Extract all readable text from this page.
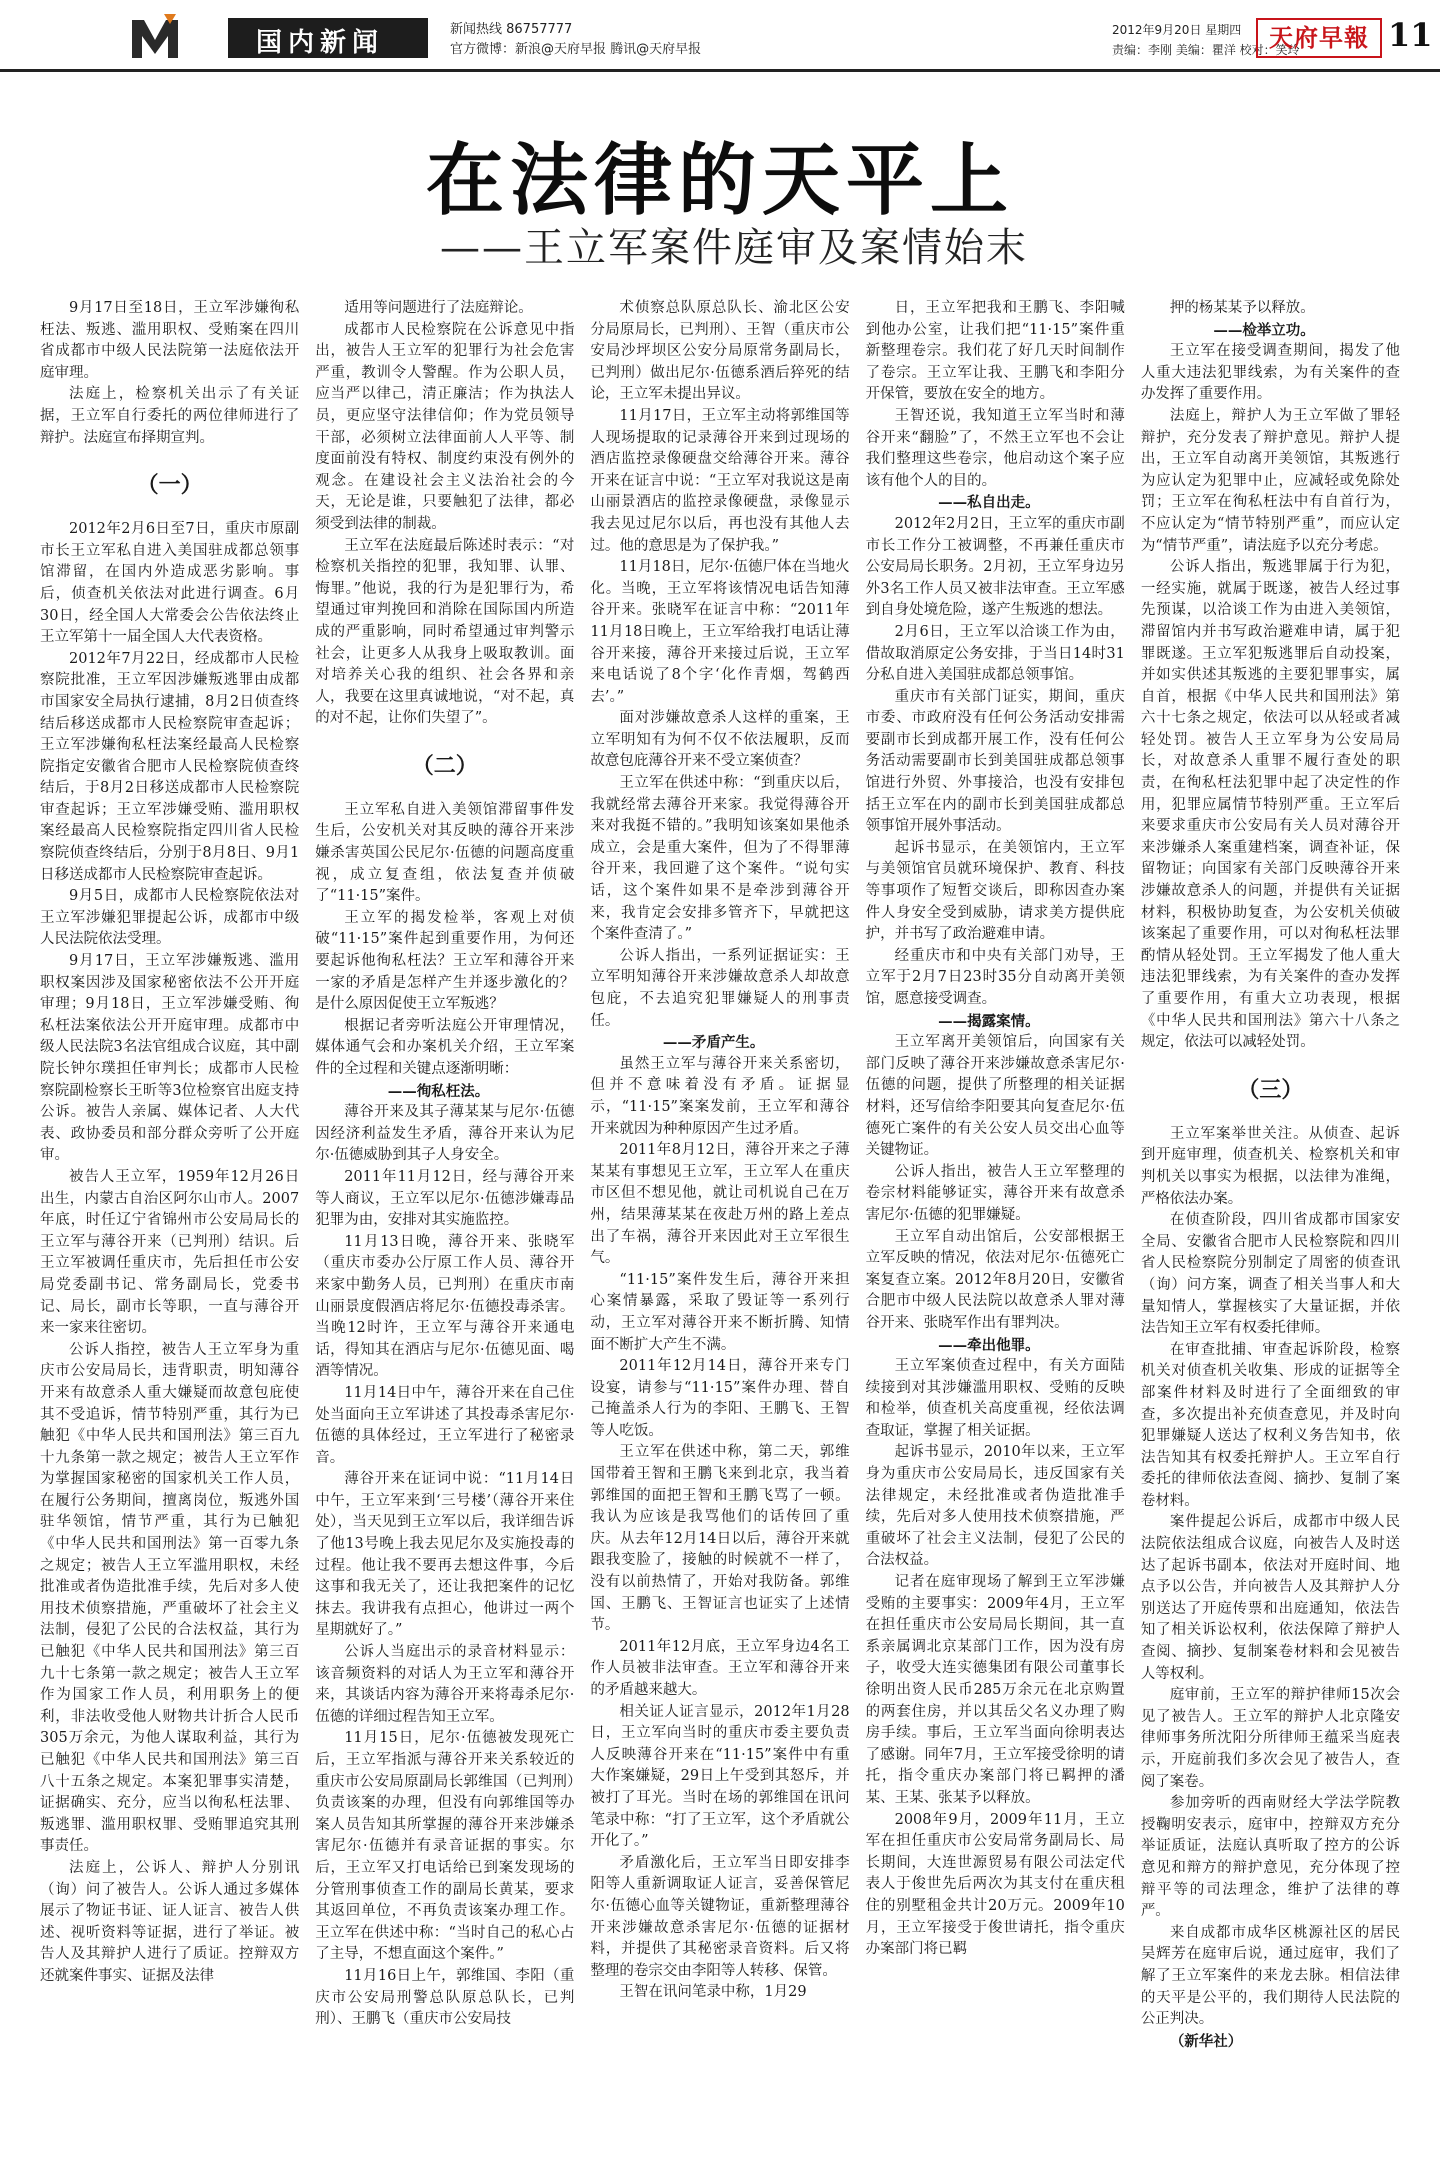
国内新闻	新闻热线 86757777
官方微博：新浪@天府早报 腾讯@天府早报
2012年9月20日 星期四
责编：李刚 美编：瞿洋 校对：笑玲
天府早報 11
在法律的天平上
——王立军案件庭审及案情始末

9月17日至18日，王立军涉嫌徇私枉法、叛逃、滥用职权、受贿案在四川省成都市中级人民法院第一法庭依法开庭审理。

法庭上，检察机关出示了有关证据，王立军自行委托的两位律师进行了辩护。法庭宣布择期宣判。

（一）

2012年2月6日至7日，重庆市原副市长王立军私自进入美国驻成都总领事馆滞留，在国内外造成恶劣影响。事后，侦查机关依法对此进行调查。6月30日，经全国人大常委会公告依法终止王立军第十一届全国人大代表资格。

2012年7月22日，经成都市人民检察院批准，王立军因涉嫌叛逃罪由成都市国家安全局执行逮捕，8月2日侦查终结后移送成都市人民检察院审查起诉；王立军涉嫌徇私枉法案经最高人民检察院指定安徽省合肥市人民检察院侦查终结后，于8月2日移送成都市人民检察院审查起诉；王立军涉嫌受贿、滥用职权案经最高人民检察院指定四川省人民检察院侦查终结后，分别于8月8日、9月1日移送成都市人民检察院审查起诉。

9月5日，成都市人民检察院依法对王立军涉嫌犯罪提起公诉，成都市中级人民法院依法受理。

9月17日，王立军涉嫌叛逃、滥用职权案因涉及国家秘密依法不公开开庭审理；9月18日，王立军涉嫌受贿、徇私枉法案依法公开开庭审理。成都市中级人民法院3名法官组成合议庭，其中副院长钟尔璞担任审判长；成都市人民检察院副检察长王昕等3位检察官出庭支持公诉。被告人亲属、媒体记者、人大代表、政协委员和部分群众旁听了公开庭审。

被告人王立军，1959年12月26日出生，内蒙古自治区阿尔山市人。2007年底，时任辽宁省锦州市公安局局长的王立军与薄谷开来（已判刑）结识。后王立军被调任重庆市，先后担任市公安局党委副书记、常务副局长，党委书记、局长，副市长等职，一直与薄谷开来一家来往密切。

公诉人指控，被告人王立军身为重庆市公安局局长，违背职责，明知薄谷开来有故意杀人重大嫌疑而故意包庇使其不受追诉，情节特别严重，其行为已触犯《中华人民共和国刑法》第三百九十九条第一款之规定；被告人王立军作为掌握国家秘密的国家机关工作人员，在履行公务期间，擅离岗位，叛逃外国驻华领馆，情节严重，其行为已触犯《中华人民共和国刑法》第一百零九条之规定；被告人王立军滥用职权，未经批准或者伪造批准手续，先后对多人使用技术侦察措施，严重破坏了社会主义法制，侵犯了公民的合法权益，其行为已触犯《中华人民共和国刑法》第三百九十七条第一款之规定；被告人王立军作为国家工作人员，利用职务上的便利，非法收受他人财物共计折合人民币305万余元，为他人谋取利益，其行为已触犯《中华人民共和国刑法》第三百八十五条之规定。本案犯罪事实清楚，证据确实、充分，应当以徇私枉法罪、叛逃罪、滥用职权罪、受贿罪追究其刑事责任。

法庭上，公诉人、辩护人分别讯（询）问了被告人。公诉人通过多媒体展示了物证书证、证人证言、被告人供述、视听资料等证据，进行了举证。被告人及其辩护人进行了质证。控辩双方还就案件事实、证据及法律

适用等问题进行了法庭辩论。

成都市人民检察院在公诉意见中指出，被告人王立军的犯罪行为社会危害严重，教训令人警醒。作为公职人员，应当严以律己，清正廉洁；作为执法人员，更应坚守法律信仰；作为党员领导干部，必须树立法律面前人人平等、制度面前没有特权、制度约束没有例外的观念。在建设社会主义法治社会的今天，无论是谁，只要触犯了法律，都必须受到法律的制裁。

王立军在法庭最后陈述时表示：“对检察机关指控的犯罪，我知罪、认罪、悔罪。”他说，我的行为是犯罪行为，希望通过审判挽回和消除在国际国内所造成的严重影响，同时希望通过审判警示社会，让更多人从我身上吸取教训。面对培养关心我的组织、社会各界和亲人，我要在这里真诚地说，“对不起，真的对不起，让你们失望了”。

（二）

王立军私自进入美领馆滞留事件发生后，公安机关对其反映的薄谷开来涉嫌杀害英国公民尼尔·伍德的问题高度重视，成立复查组，依法复查并侦破了“11·15”案件。

王立军的揭发检举，客观上对侦破“11·15”案件起到重要作用，为何还要起诉他徇私枉法？王立军和薄谷开来一家的矛盾是怎样产生并逐步激化的？是什么原因促使王立军叛逃？

根据记者旁听法庭公开审理情况，媒体通气会和办案机关介绍，王立军案件的全过程和关键点逐渐明晰：

——徇私枉法。

薄谷开来及其子薄某某与尼尔·伍德因经济利益发生矛盾，薄谷开来认为尼尔·伍德威胁到其子人身安全。

2011年11月12日，经与薄谷开来等人商议，王立军以尼尔·伍德涉嫌毒品犯罪为由，安排对其实施监控。

11月13日晚，薄谷开来、张晓军（重庆市委办公厅原工作人员、薄谷开来家中勤务人员，已判刑）在重庆市南山丽景度假酒店将尼尔·伍德投毒杀害。当晚12时许，王立军与薄谷开来通电话，得知其在酒店与尼尔·伍德见面、喝酒等情况。

11月14日中午，薄谷开来在自己住处当面向王立军讲述了其投毒杀害尼尔·伍德的具体经过，王立军进行了秘密录音。

薄谷开来在证词中说：“11月14日中午，王立军来到‘三号楼’（薄谷开来住处），当天见到王立军以后，我详细告诉了他13号晚上我去见尼尔及实施投毒的过程。他让我不要再去想这件事，今后这事和我无关了，还让我把案件的记忆抹去。我讲我有点担心，他讲过一两个星期就好了。”

公诉人当庭出示的录音材料显示：该音频资料的对话人为王立军和薄谷开来，其谈话内容为薄谷开来将毒杀尼尔·伍德的详细过程告知王立军。

11月15日，尼尔·伍德被发现死亡后，王立军指派与薄谷开来关系较近的重庆市公安局原副局长郭维国（已判刑）负责该案的办理，但没有向郭维国等办案人员告知其所掌握的薄谷开来涉嫌杀害尼尔·伍德并有录音证据的事实。尔后，王立军又打电话给已到案发现场的分管刑事侦查工作的副局长黄某，要求其返回单位，不再负责该案办理工作。王立军在供述中称：“当时自己的私心占了主导，不想直面这个案件。”

11月16日上午，郭维国、李阳（重庆市公安局刑警总队原总队长，已判刑）、王鹏飞（重庆市公安局技

术侦察总队原总队长、渝北区公安分局原局长，已判刑）、王智（重庆市公安局沙坪坝区公安分局原常务副局长，已判刑）做出尼尔·伍德系酒后猝死的结论，王立军未提出异议。

11月17日，王立军主动将郭维国等人现场提取的记录薄谷开来到过现场的酒店监控录像硬盘交给薄谷开来。薄谷开来在证言中说：“王立军对我说这是南山丽景酒店的监控录像硬盘，录像显示我去见过尼尔以后，再也没有其他人去过。他的意思是为了保护我。”

11月18日，尼尔·伍德尸体在当地火化。当晚，王立军将该情况电话告知薄谷开来。张晓军在证言中称：“2011年11月18日晚上，王立军给我打电话让薄谷开来接，薄谷开来接过后说，王立军来电话说了8个字‘化作青烟，驾鹤西去’。”

面对涉嫌故意杀人这样的重案，王立军明知有为何不仅不依法履职，反而故意包庇薄谷开来不受立案侦查？

王立军在供述中称：“到重庆以后，我就经常去薄谷开来家。我觉得薄谷开来对我挺不错的。”我明知该案如果他杀成立，会是重大案件，但为了不得罪薄谷开来，我回避了这个案件。“说句实话，这个案件如果不是牵涉到薄谷开来，我肯定会安排多管齐下，早就把这个案件查清了。”

公诉人指出，一系列证据证实：王立军明知薄谷开来涉嫌故意杀人却故意包庇，不去追究犯罪嫌疑人的刑事责任。

——矛盾产生。

虽然王立军与薄谷开来关系密切，但并不意味着没有矛盾。证据显示，“11·15”案案发前，王立军和薄谷开来就因为种种原因产生过矛盾。

2011年8月12日，薄谷开来之子薄某某有事想见王立军，王立军人在重庆市区但不想见他，就让司机说自己在万州，结果薄某某在夜赴万州的路上差点出了车祸，薄谷开来因此对王立军很生气。

“11·15”案件发生后，薄谷开来担心案情暴露，采取了毁证等一系列行动，王立军对薄谷开来不断折腾、知情面不断扩大产生不满。

2011年12月14日，薄谷开来专门设宴，请参与“11·15”案件办理、替自己掩盖杀人行为的李阳、王鹏飞、王智等人吃饭。

王立军在供述中称，第二天，郭维国带着王智和王鹏飞来到北京，我当着郭维国的面把王智和王鹏飞骂了一顿。我认为应该是我骂他们的话传回了重庆。从去年12月14日以后，薄谷开来就跟我变脸了，接触的时候就不一样了，没有以前热情了，开始对我防备。郭维国、王鹏飞、王智证言也证实了上述情节。

2011年12月底，王立军身边4名工作人员被非法审查。王立军和薄谷开来的矛盾越来越大。

相关证人证言显示，2012年1月28日，王立军向当时的重庆市委主要负责人反映薄谷开来在“11·15”案件中有重大作案嫌疑，29日上午受到其怒斥，并被打了耳光。当时在场的郭维国在讯问笔录中称：“打了王立军，这个矛盾就公开化了。”

矛盾激化后，王立军当日即安排李阳等人重新调取证人证言，妥善保管尼尔·伍德心血等关键物证，重新整理薄谷开来涉嫌故意杀害尼尔·伍德的证据材料，并提供了其秘密录音资料。后又将整理的卷宗交由李阳等人转移、保管。

王智在讯问笔录中称，1月29

日，王立军把我和王鹏飞、李阳喊到他办公室，让我们把“11·15”案件重新整理卷宗。我们花了好几天时间制作了卷宗。王立军让我、王鹏飞和李阳分开保管，要放在安全的地方。

王智还说，我知道王立军当时和薄谷开来“翻脸”了，不然王立军也不会让我们整理这些卷宗，他启动这个案子应该有他个人的目的。

——私自出走。

2012年2月2日，王立军的重庆市副市长工作分工被调整，不再兼任重庆市公安局局长职务。2月初，王立军身边另外3名工作人员又被非法审查。王立军感到自身处境危险，遂产生叛逃的想法。

2月6日，王立军以洽谈工作为由，借故取消原定公务安排，于当日14时31分私自进入美国驻成都总领事馆。

重庆市有关部门证实，期间，重庆市委、市政府没有任何公务活动安排需要副市长到成都开展工作，没有任何公务活动需要副市长到美国驻成都总领事馆进行外贸、外事接洽，也没有安排包括王立军在内的副市长到美国驻成都总领事馆开展外事活动。

起诉书显示，在美领馆内，王立军与美领馆官员就环境保护、教育、科技等事项作了短暂交谈后，即称因查办案件人身安全受到威胁，请求美方提供庇护，并书写了政治避难申请。

经重庆市和中央有关部门劝导，王立军于2月7日23时35分自动离开美领馆，愿意接受调查。

——揭露案情。

王立军离开美领馆后，向国家有关部门反映了薄谷开来涉嫌故意杀害尼尔·伍德的问题，提供了所整理的相关证据材料，还写信给李阳要其向复查尼尔·伍德死亡案件的有关公安人员交出心血等关键物证。

公诉人指出，被告人王立军整理的卷宗材料能够证实，薄谷开来有故意杀害尼尔·伍德的犯罪嫌疑。

王立军自动出馆后，公安部根据王立军反映的情况，依法对尼尔·伍德死亡案复查立案。2012年8月20日，安徽省合肥市中级人民法院以故意杀人罪对薄谷开来、张晓军作出有罪判决。

——牵出他罪。

王立军案侦查过程中，有关方面陆续接到对其涉嫌滥用职权、受贿的反映和检举，侦查机关高度重视，经依法调查取证，掌握了相关证据。

起诉书显示，2010年以来，王立军身为重庆市公安局局长，违反国家有关法律规定，未经批准或者伪造批准手续，先后对多人使用技术侦察措施，严重破坏了社会主义法制，侵犯了公民的合法权益。

记者在庭审现场了解到王立军涉嫌受贿的主要事实：2009年4月，王立军在担任重庆市公安局局长期间，其一直系亲属调北京某部门工作，因为没有房子，收受大连实德集团有限公司董事长徐明出资人民币285万余元在北京购置的两套住房，并以其岳父名义办理了购房手续。事后，王立军当面向徐明表达了感谢。同年7月，王立军接受徐明的请托，指令重庆办案部门将已羁押的潘某、王某、张某予以释放。

2008年9月，2009年11月，王立军在担任重庆市公安局常务副局长、局长期间，大连世源贸易有限公司法定代表人于俊世先后两次为其支付在重庆租住的别墅租金共计20万元。2009年10月，王立军接受于俊世请托，指令重庆办案部门将已羁

押的杨某某予以释放。

——检举立功。

王立军在接受调查期间，揭发了他人重大违法犯罪线索，为有关案件的查办发挥了重要作用。

法庭上，辩护人为王立军做了罪轻辩护，充分发表了辩护意见。辩护人提出，王立军自动离开美领馆，其叛逃行为应认定为犯罪中止，应减轻或免除处罚；王立军在徇私枉法中有自首行为，不应认定为“情节特别严重”，而应认定为“情节严重”，请法庭予以充分考虑。

公诉人指出，叛逃罪属于行为犯，一经实施，就属于既遂，被告人经过事先预谋，以洽谈工作为由进入美领馆，滞留馆内并书写政治避难申请，属于犯罪既遂。王立军犯叛逃罪后自动投案，并如实供述其叛逃的主要犯罪事实，属自首，根据《中华人民共和国刑法》第六十七条之规定，依法可以从轻或者减轻处罚。被告人王立军身为公安局局长，对故意杀人重罪不履行查处的职责，在徇私枉法犯罪中起了决定性的作用，犯罪应属情节特别严重。王立军后来要求重庆市公安局有关人员对薄谷开来涉嫌杀人案重建档案，调查补证，保留物证；向国家有关部门反映薄谷开来涉嫌故意杀人的问题，并提供有关证据材料，积极协助复查，为公安机关侦破该案起了重要作用，可以对徇私枉法罪酌情从轻处罚。王立军揭发了他人重大违法犯罪线索，为有关案件的查办发挥了重要作用，有重大立功表现，根据《中华人民共和国刑法》第六十八条之规定，依法可以减轻处罚。

（三）

王立军案举世关注。从侦查、起诉到开庭审理，侦查机关、检察机关和审判机关以事实为根据，以法律为准绳，严格依法办案。

在侦查阶段，四川省成都市国家安全局、安徽省合肥市人民检察院和四川省人民检察院分别制定了周密的侦查讯（询）问方案，调查了相关当事人和大量知情人，掌握核实了大量证据，并依法告知王立军有权委托律师。

在审查批捕、审查起诉阶段，检察机关对侦查机关收集、形成的证据等全部案件材料及时进行了全面细致的审查，多次提出补充侦查意见，并及时向犯罪嫌疑人送达了权利义务告知书，依法告知其有权委托辩护人。王立军自行委托的律师依法查阅、摘抄、复制了案卷材料。

案件提起公诉后，成都市中级人民法院依法组成合议庭，向被告人及时送达了起诉书副本，依法对开庭时间、地点予以公告，并向被告人及其辩护人分别送达了开庭传票和出庭通知，依法告知了相关诉讼权利，依法保障了辩护人查阅、摘抄、复制案卷材料和会见被告人等权利。

庭审前，王立军的辩护律师15次会见了被告人。王立军的辩护人北京隆安律师事务所沈阳分所律师王蕴采当庭表示，开庭前我们多次会见了被告人，查阅了案卷。

参加旁听的西南财经大学法学院教授鞠明安表示，庭审中，控辩双方充分举证质证，法庭认真听取了控方的公诉意见和辩方的辩护意见，充分体现了控辩平等的司法理念，维护了法律的尊严。

来自成都市成华区桃源社区的居民吴辉芳在庭审后说，通过庭审，我们了解了王立军案件的来龙去脉。相信法律的天平是公平的，我们期待人民法院的公正判决。

（新华社）
